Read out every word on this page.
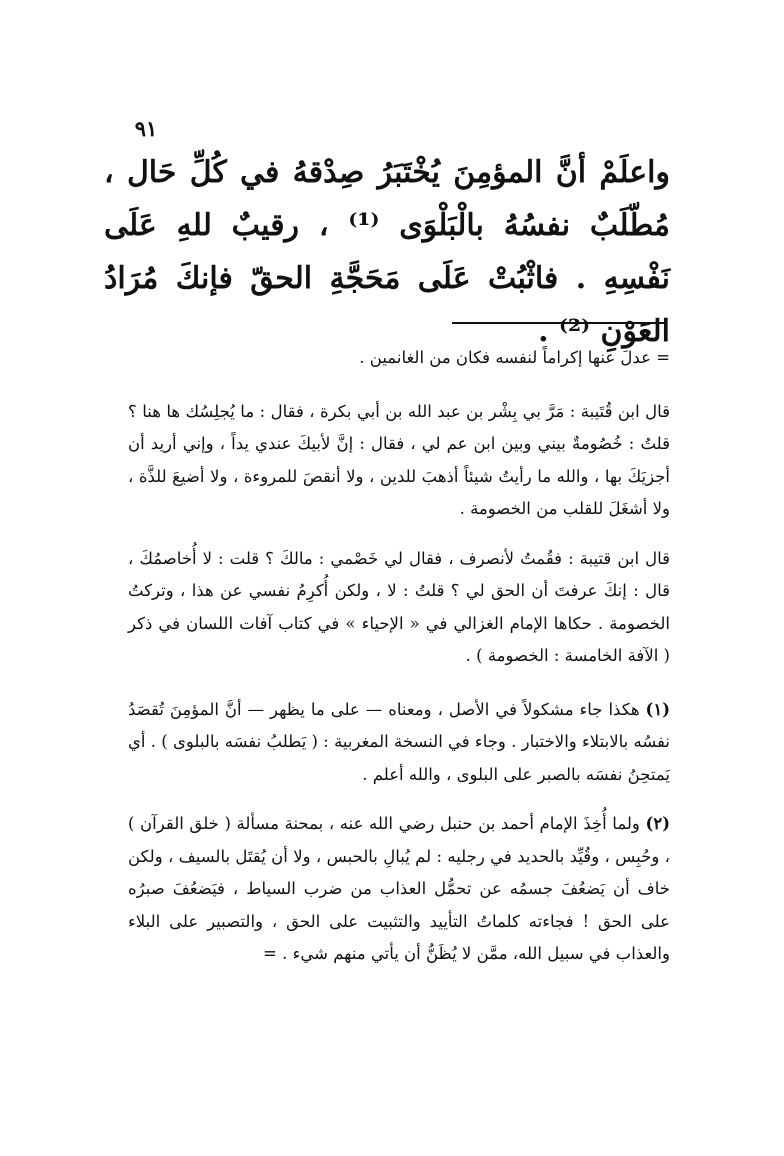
٩١

واعلَمْ أنَّ المؤمِنَ يُخْتَبَرُ صِدْقهُ في كُلِّ حَال ، مُطّلَبٌ نفسُهُ بالْبَلْوَى ⁽¹⁾ ، رقيبٌ للهِ عَلَى نَفْسِهِ . فاثْبُتْ عَلَى مَحَجَّةِ الحقّ فإنكَ مُرَادُ العَوْنِ ⁽²⁾ .

= عدلَ عنها إكراماً لنفسه فكان من الغانمين .

قال ابن قُتَيبة : مَرَّ بي بِشْر بن عبد الله بن أبي بكرة ، فقال : ما يُجلِسُك ها هنا ؟ قلتُ : خُصُومةٌ بيني وبين ابن عم لي ، فقال : إنَّ لأبيكَ عندي يداً ، وإني أريد أن أجزيَكَ بها ، والله ما رأيتُ شيئاً أذهبَ للدين ، ولا أنقصَ للمروءة ، ولا أضيعَ للذَّة ، ولا أشغَلَ للقلب من الخصومة .

قال ابن قتيبة : فقُمتُ لأنصرف ، فقال لي خَصْمي : مالكَ ؟ قلت : لا أُخاصمُكَ ، قال : إنكَ عرفتَ أن الحق لي ؟ قلتُ : لا ، ولكن أُكرِمُ نفسي عن هذا ، وتركتُ الخصومة . حكاها الإمام الغزالي في « الإحياء » في كتاب آفات اللسان في ذكر ( الآفة الخامسة : الخصومة ) .

(١) هكذا جاء مشكولاً في الأصل ، ومعناه — على ما يظهر — أنَّ المؤمِنَ تُقصَدُ نفسُه بالابتلاء والاختبار . وجاء في النسخة المغربية : ( يَطلبُ نفسَه بالبلوى ) . أي يَمتحِنُ نفسَه بالصبر على البلوى ، والله أعلم .

(٢) ولما أُخِذَ الإمام أحمد بن حنبل رضي الله عنه ، بمحنة مسألة ( خلق القرآن ) ، وحُبِس ، وقُيِّد بالحديد في رجليه : لم يُبالِ بالحبس ، ولا أن يُقتَل بالسيف ، ولكن خاف أن يَضعُفَ جسمُه عن تحمُّل العذاب من ضرب السياط ، فيَضعُفَ صبرُه على الحق ! فجاءته كلماتُ التأييد والتثبيت على الحق ، والتصبير على البلاء والعذاب في سبيل الله، ممَّن لا يُظَنُّ أن يأتي منهم شيء . =
